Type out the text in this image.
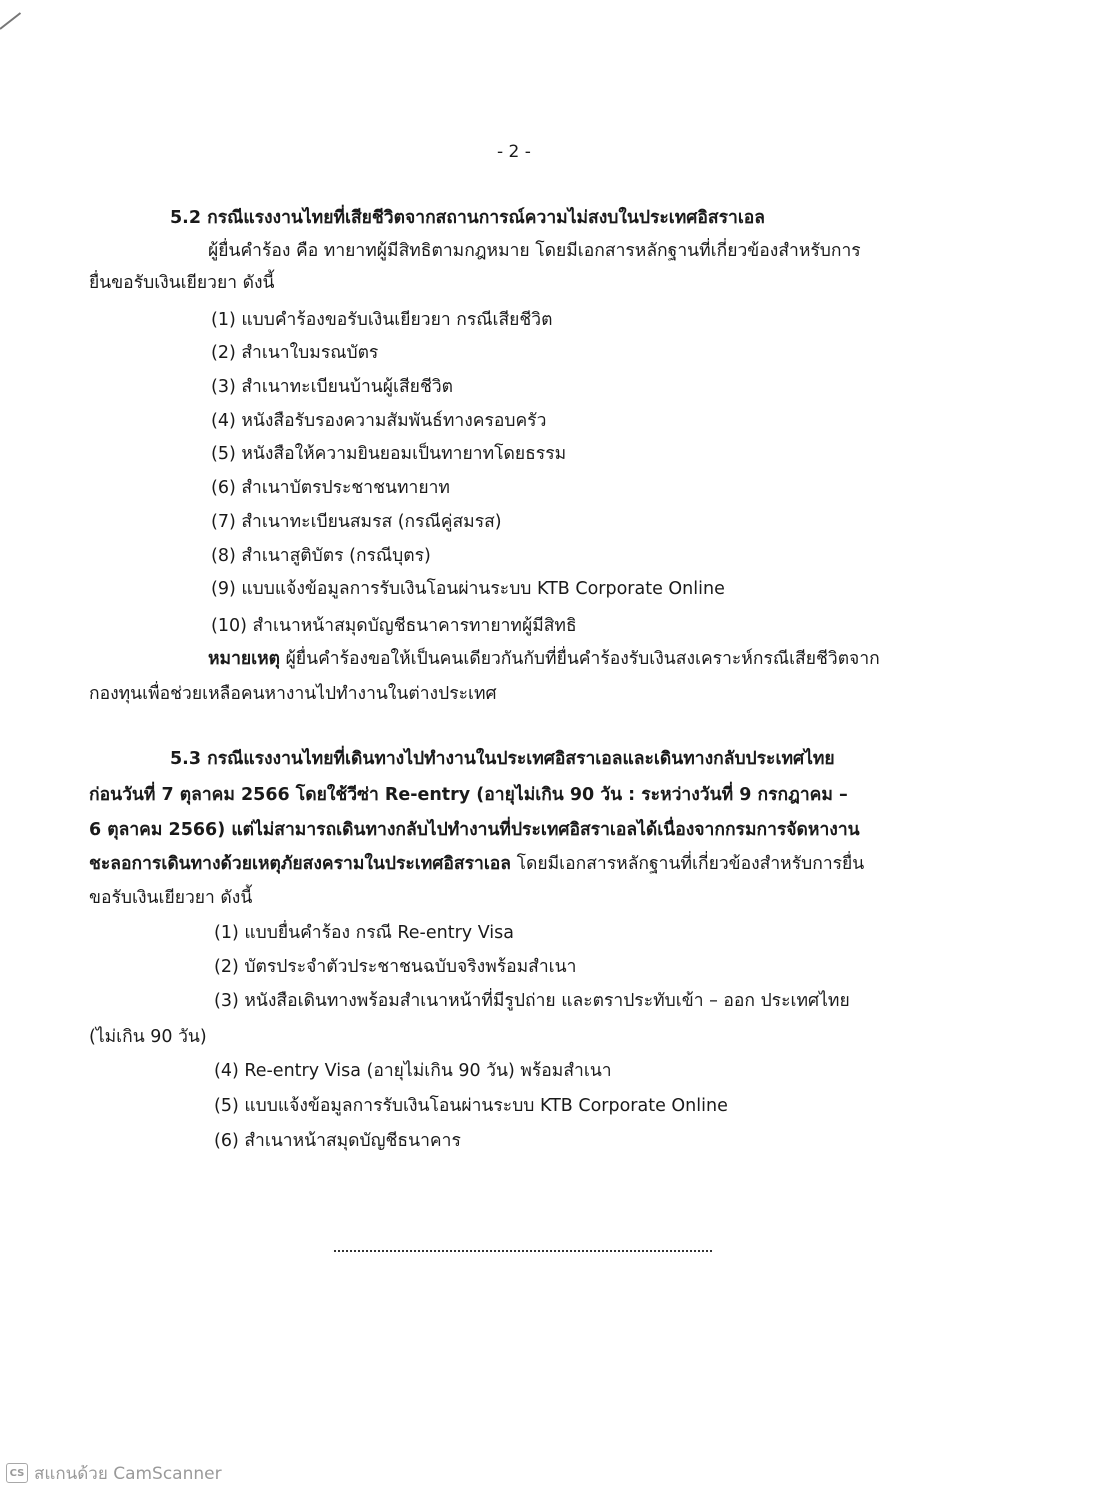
- 2 -
5.2 กรณีแรงงานไทยที่เสียชีวิตจากสถานการณ์ความไม่สงบในประเทศอิสราเอล
ผู้ยื่นคำร้อง คือ ทายาทผู้มีสิทธิตามกฎหมาย โดยมีเอกสารหลักฐานที่เกี่ยวข้องสำหรับการ
ยื่นขอรับเงินเยียวยา ดังนี้
(1) แบบคำร้องขอรับเงินเยียวยา กรณีเสียชีวิต
(2) สำเนาใบมรณบัตร
(3) สำเนาทะเบียนบ้านผู้เสียชีวิต
(4) หนังสือรับรองความสัมพันธ์ทางครอบครัว
(5) หนังสือให้ความยินยอมเป็นทายาทโดยธรรม
(6) สำเนาบัตรประชาชนทายาท
(7) สำเนาทะเบียนสมรส (กรณีคู่สมรส)
(8) สำเนาสูติบัตร (กรณีบุตร)
(9) แบบแจ้งข้อมูลการรับเงินโอนผ่านระบบ KTB Corporate Online
(10) สำเนาหน้าสมุดบัญชีธนาคารทายาทผู้มีสิทธิ
หมายเหตุ ผู้ยื่นคำร้องขอให้เป็นคนเดียวกันกับที่ยื่นคำร้องรับเงินสงเคราะห์กรณีเสียชีวิตจาก
กองทุนเพื่อช่วยเหลือคนหางานไปทำงานในต่างประเทศ
5.3 กรณีแรงงานไทยที่เดินทางไปทำงานในประเทศอิสราเอลและเดินทางกลับประเทศไทย
ก่อนวันที่ 7 ตุลาคม 2566 โดยใช้วีซ่า Re-entry (อายุไม่เกิน 90 วัน : ระหว่างวันที่ 9 กรกฎาคม –
6 ตุลาคม 2566) แต่ไม่สามารถเดินทางกลับไปทำงานที่ประเทศอิสราเอลได้เนื่องจากกรมการจัดหางาน
ชะลอการเดินทางด้วยเหตุภัยสงครามในประเทศอิสราเอล โดยมีเอกสารหลักฐานที่เกี่ยวข้องสำหรับการยื่น
ขอรับเงินเยียวยา ดังนี้
(1) แบบยื่นคำร้อง กรณี Re-entry Visa
(2) บัตรประจำตัวประชาชนฉบับจริงพร้อมสำเนา
(3) หนังสือเดินทางพร้อมสำเนาหน้าที่มีรูปถ่าย และตราประทับเข้า – ออก ประเทศไทย
(ไม่เกิน 90 วัน)
(4) Re-entry Visa (อายุไม่เกิน 90 วัน) พร้อมสำเนา
(5) แบบแจ้งข้อมูลการรับเงินโอนผ่านระบบ KTB Corporate Online
(6) สำเนาหน้าสมุดบัญชีธนาคาร
CS สแกนด้วย CamScanner
